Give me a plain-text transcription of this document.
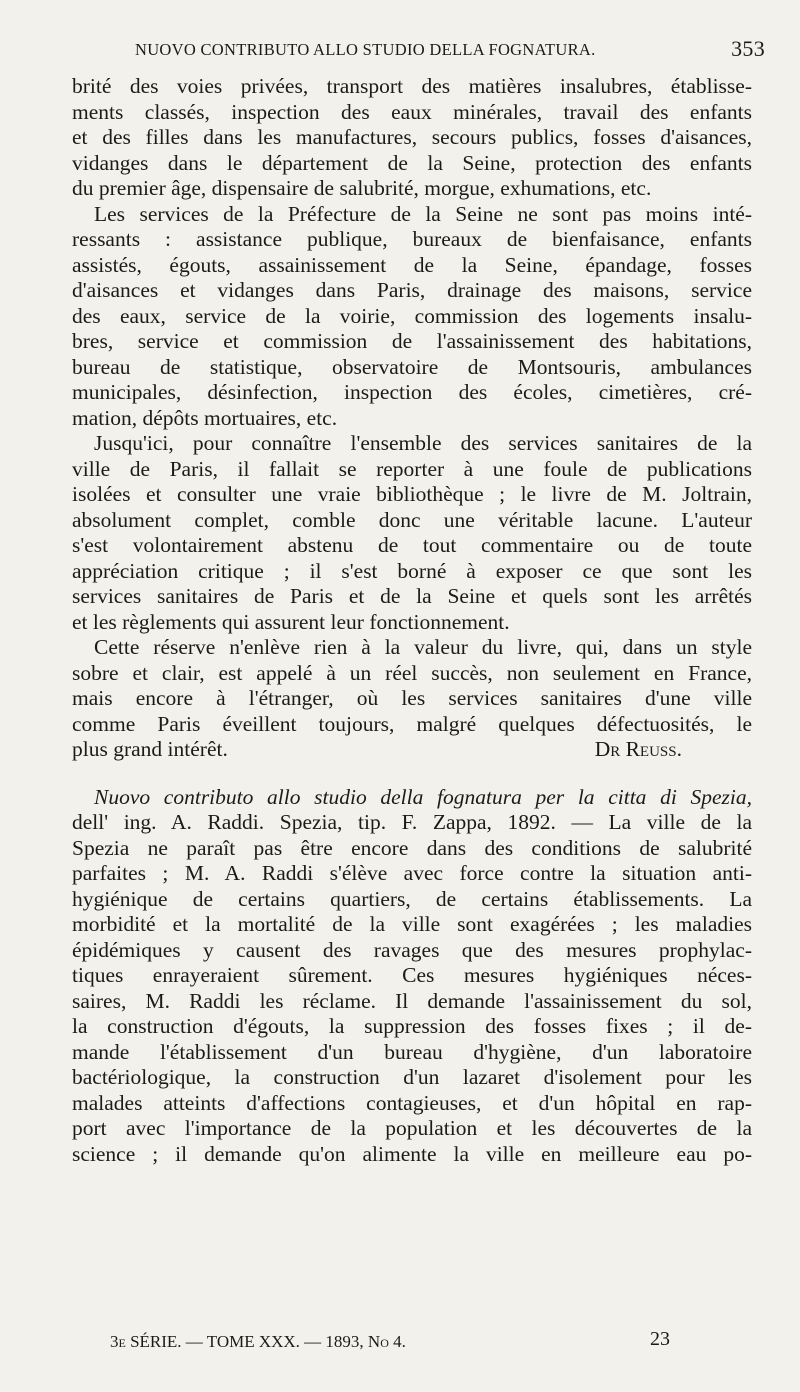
NUOVO CONTRIBUTO ALLO STUDIO DELLA FOGNATURA.	353
brité des voies privées, transport des matières insalubres, établisse-
ments classés, inspection des eaux minérales, travail des enfants
et des filles dans les manufactures, secours publics, fosses d'aisances,
vidanges dans le département de la Seine, protection des enfants
du premier âge, dispensaire de salubrité, morgue, exhumations, etc.
Les services de la Préfecture de la Seine ne sont pas moins inté-
ressants : assistance publique, bureaux de bienfaisance, enfants
assistés, égouts, assainissement de la Seine, épandage, fosses
d'aisances et vidanges dans Paris, drainage des maisons, service
des eaux, service de la voirie, commission des logements insalu-
bres, service et commission de l'assainissement des habitations,
bureau de statistique, observatoire de Montsouris, ambulances
municipales, désinfection, inspection des écoles, cimetières, cré-
mation, dépôts mortuaires, etc.
Jusqu'ici, pour connaître l'ensemble des services sanitaires de la
ville de Paris, il fallait se reporter à une foule de publications
isolées et consulter une vraie bibliothèque ; le livre de M. Joltrain,
absolument complet, comble donc une véritable lacune. L'auteur
s'est volontairement abstenu de tout commentaire ou de toute
appréciation critique ; il s'est borné à exposer ce que sont les
services sanitaires de Paris et de la Seine et quels sont les arrêtés
et les règlements qui assurent leur fonctionnement.
Cette réserve n'enlève rien à la valeur du livre, qui, dans un style
sobre et clair, est appelé à un réel succès, non seulement en France,
mais encore à l'étranger, où les services sanitaires d'une ville
comme Paris éveillent toujours, malgré quelques défectuosités, le
plus grand intérêt.	Dr Reuss.
Nuovo contributo allo studio della fognatura per la citta di Spezia,
dell' ing. A. Raddi. Spezia, tip. F. Zappa, 1892. — La ville de la
Spezia ne paraît pas être encore dans des conditions de salubrité
parfaites ; M. A. Raddi s'élève avec force contre la situation anti-
hygiénique de certains quartiers, de certains établissements. La
morbidité et la mortalité de la ville sont exagérées ; les maladies
épidémiques y causent des ravages que des mesures prophylac-
tiques enrayeraient sûrement. Ces mesures hygiéniques néces-
saires, M. Raddi les réclame. Il demande l'assainissement du sol,
la construction d'égouts, la suppression des fosses fixes ; il de-
mande l'établissement d'un bureau d'hygiène, d'un laboratoire
bactériologique, la construction d'un lazaret d'isolement pour les
malades atteints d'affections contagieuses, et d'un hôpital en rap-
port avec l'importance de la population et les découvertes de la
science ; il demande qu'on alimente la ville en meilleure eau po-
3e SÉRIE. — TOME XXX. — 1893, No 4.	23
